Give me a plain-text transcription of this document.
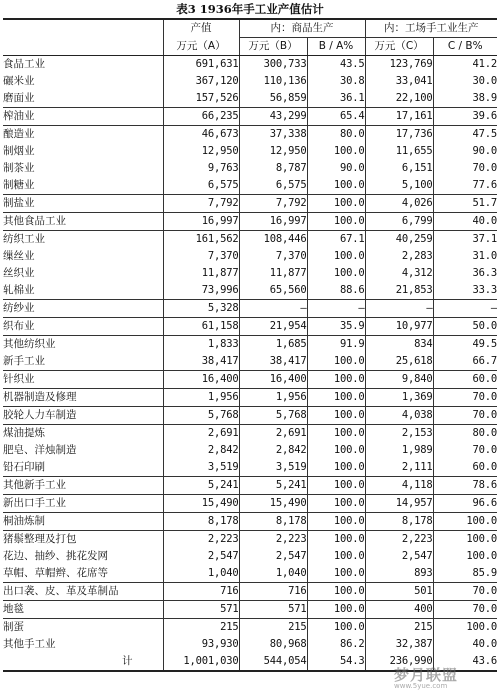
表3 1936年手工业产值估计
	产值	内：商品生产		内：工场手工业生产	
	万元（A）	万元（B）	B / A%	万元（C）	C / B%
食品工业	691,631	300,733	43.5	123,769	41.2
碾米业	367,120	110,136	30.8	33,041	30.0
磨面业	157,526	56,859	36.1	22,100	38.9
榨油业	66,235	43,299	65.4	17,161	39.6
酿造业	46,673	37,338	80.0	17,736	47.5
制烟业	12,950	12,950	100.0	11,655	90.0
制茶业	9,763	8,787	90.0	6,151	70.0
制糖业	6,575	6,575	100.0	5,100	77.6
制盐业	7,792	7,792	100.0	4,026	51.7
其他食品工业	16,997	16,997	100.0	6,799	40.0
纺织工业	161,562	108,446	67.1	40,259	37.1
缫丝业	7,370	7,370	100.0	2,283	31.0
丝织业	11,877	11,877	100.0	4,312	36.3
轧棉业	73,996	65,560	88.6	21,853	33.3
纺纱业	5,328	—	—	—	—
织布业	61,158	21,954	35.9	10,977	50.0
其他纺织业	1,833	1,685	91.9	834	49.5
新手工业	38,417	38,417	100.0	25,618	66.7
针织业	16,400	16,400	100.0	9,840	60.0
机器制造及修理	1,956	1,956	100.0	1,369	70.0
胶轮人力车制造	5,768	5,768	100.0	4,038	70.0
煤油提炼	2,691	2,691	100.0	2,153	80.0
肥皂、洋烛制造	2,842	2,842	100.0	1,989	70.0
铅石印刷	3,519	3,519	100.0	2,111	60.0
其他新手工业	5,241	5,241	100.0	4,118	78.6
新出口手工业	15,490	15,490	100.0	14,957	96.6
桐油炼制	8,178	8,178	100.0	8,178	100.0
猪鬃整理及打包	2,223	2,223	100.0	2,223	100.0
花边、抽纱、挑花发网	2,547	2,547	100.0	2,547	100.0
草帽、草帽辫、花席等	1,040	1,040	100.0	893	85.9
出口袭、皮、革及革制品	716	716	100.0	501	70.0
地毯	571	571	100.0	400	70.0
制蛋	215	215	100.0	215	100.0
其他手工业	93,930	80,968	86.2	32,387	40.0
计	1,001,030	544,054	54.3	236,990	43.6
梦月联盟
www.5yue.com
